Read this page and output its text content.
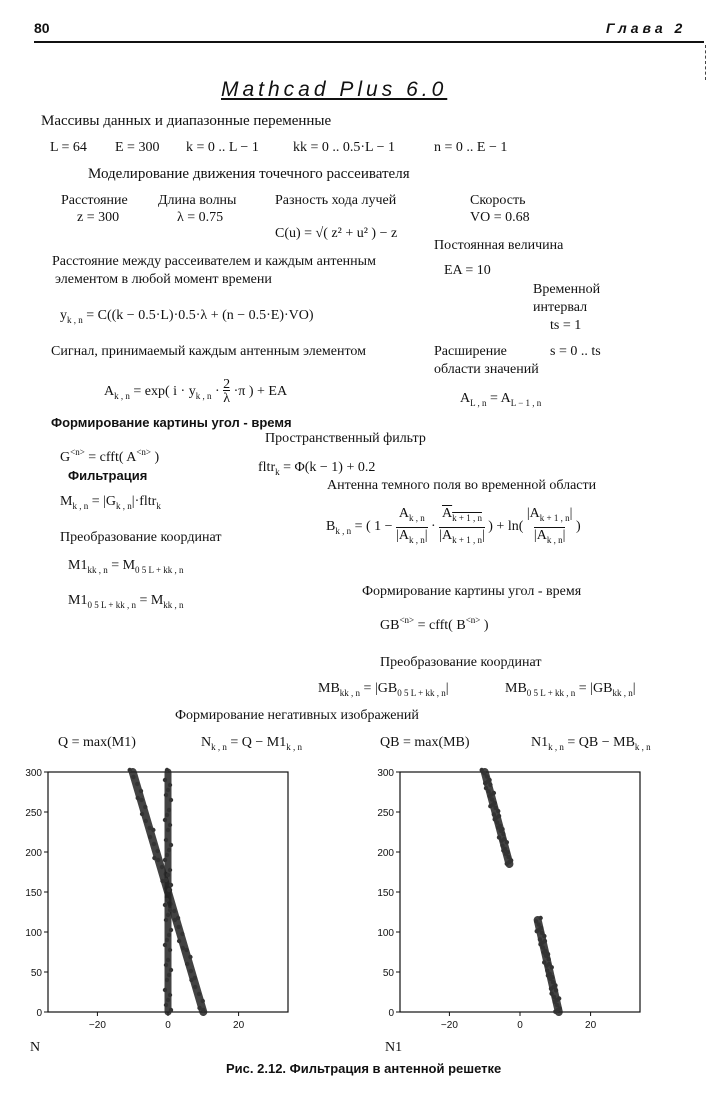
80	Глава 2
Mathcad Plus 6.0
Массивы данных и диапазонные переменные
L = 64 E = 300 k = 0 .. L − 1 kk = 0 .. 0.5·L − 1	n = 0 .. E − 1
Моделирование движения точечного рассеивателя
Расстояние
z = 300
Длина волны
λ = 0.75
Разность хода лучей
C(u) = √( z² + u² ) − z
Скорость
VO = 0.68
Постоянная величина
EA = 10
Временной
интервал
ts = 1
Расстояние между рассеивателем и каждым антенным
элементом в любой момент времени
$y_{k , n} = C((k - 0.5\cdot L)\cdot 0.5\cdot\lambda + (n - 0.5\cdot E)\cdot VO)$
Сигнал, принимаемый каждым антенным элементом	Расширение
области значений
s = 0 .. ts
$A_{k , n} = \exp$( $i \cdot y_{k , n} \cdot \frac{2}{\lambda} \cdot\pi$ ) + EA	$A_{L , n} = A_{L - 1 , n}$
Формирование картины угол - время
Пространственный фильтр
$G^{<n>}$ = cfft( $A^{<n>}$ )
fltr$_k$ = Φ(k − 1) + 0.2
Фильтрация
Антенна темного поля во временной области
$M_{k , n}$ = $|G_{k , n}|\cdot fltr_k$
$B_{k , n}$ = ( $1 - \frac{A_{k , n}}{|A_{k , n}|} \cdot \frac{A_{k + 1 , n}}{|A_{k + 1 , n}|}$ ) + $\ln( \frac{|A_{k + 1 , n}|}{|A_{k , n}|}$ )
Преобразование координат
$M1_{kk , n} = M_{0 5 L + kk , n}$
$M1_{0 5 L + kk , n} = M_{kk , n}$
Формирование картины угол - время
$GB^{<n>}$ = cfft( $B^{<n>}$ )
Преобразование координат
$MB_{kk , n} = |GB_{0 5 L + kk , n}|$	$MB_{0 5 L + kk , n} = |GB_{kk , n}|$
Формирование негативных изображений
Q = max(M1)	$N_{k , n} = Q - M1_{k , n}$	QB = max(MB)	$N1_{k , n}$ = QB − $MB_{k , n}$
0
50
100
150
200
250
300
−20	0	20
0
50
100
150
200
250
300
−20	0	20
N	N1
Рис. 2.12. Фильтрация в антенной решетке
